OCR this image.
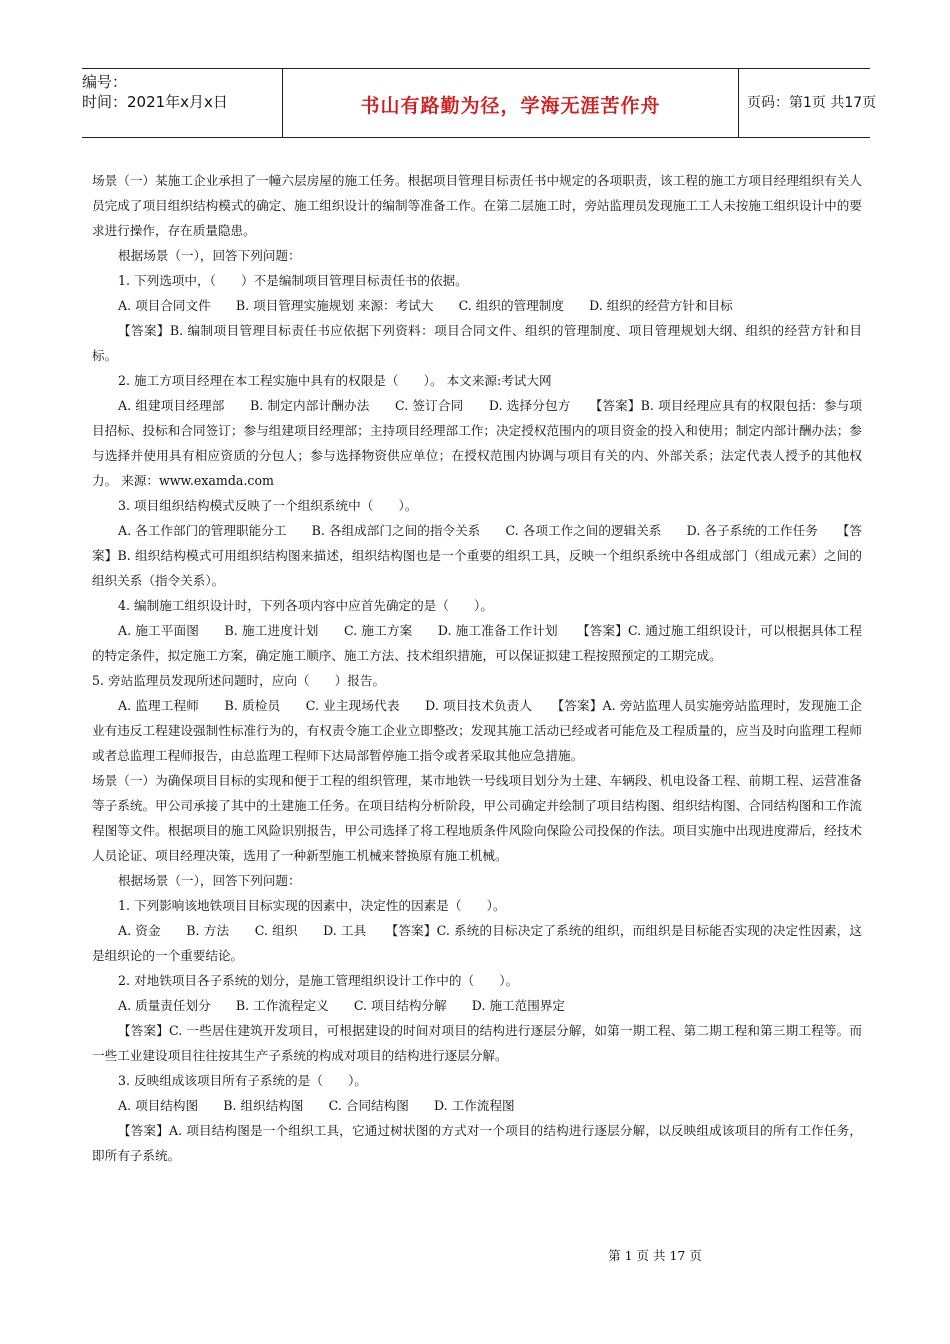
编号：
时间：2021年x月x日	书山有路勤为径，学海无涯苦作舟	页码：第1页 共17页

场景（一）某施工企业承担了一幢六层房屋的施工任务。根据项目管理目标责任书中规定的各项职责，该工程的施工方项目经理组织有关人员完成了项目组织结构模式的确定、施工组织设计的编制等准备工作。在第二层施工时，旁站监理员发现施工工人未按施工组织设计中的要求进行操作，存在质量隐患。

根据场景（一），回答下列问题：

1. 下列选项中，（　　）不是编制项目管理目标责任书的依据。

A. 项目合同文件　　B. 项目管理实施规划 来源：考试大　　C. 组织的管理制度　　D. 组织的经营方针和目标

【答案】B. 编制项目管理目标责任书应依据下列资料：项目合同文件、组织的管理制度、项目管理规划大纲、组织的经营方针和目标。

2. 施工方项目经理在本工程实施中具有的权限是（　　）。 本文来源:考试大网

A. 组建项目经理部　　B. 制定内部计酬办法　　C. 签订合同　　D. 选择分包方　　【答案】B. 项目经理应具有的权限包括：参与项目招标、投标和合同签订；参与组建项目经理部；主持项目经理部工作；决定授权范围内的项目资金的投入和使用；制定内部计酬办法；参与选择并使用具有相应资质的分包人；参与选择物资供应单位；在授权范围内协调与项目有关的内、外部关系；法定代表人授予的其他权力。 来源：www.examda.com

3. 项目组织结构模式反映了一个组织系统中（　　）。

A. 各工作部门的管理职能分工　　B. 各组成部门之间的指令关系　　C. 各项工作之间的逻辑关系　　D. 各子系统的工作任务　　【答案】B. 组织结构模式可用组织结构图来描述，组织结构图也是一个重要的组织工具，反映一个组织系统中各组成部门（组成元素）之间的组织关系（指令关系）。

4. 编制施工组织设计时，下列各项内容中应首先确定的是（　　）。

A. 施工平面图　　B. 施工进度计划　　C. 施工方案　　D. 施工准备工作计划　　【答案】C. 通过施工组织设计，可以根据具体工程的特定条件，拟定施工方案，确定施工顺序、施工方法、技术组织措施，可以保证拟建工程按照预定的工期完成。

5. 旁站监理员发现所述问题时，应向（　　）报告。

A. 监理工程师　　B. 质检员　　C. 业主现场代表　　D. 项目技术负责人　　【答案】A. 旁站监理人员实施旁站监理时，发现施工企业有违反工程建设强制性标准行为的，有权责令施工企业立即整改；发现其施工活动已经或者可能危及工程质量的，应当及时向监理工程师或者总监理工程师报告，由总监理工程师下达局部暂停施工指令或者采取其他应急措施。

场景（一）为确保项目目标的实现和便于工程的组织管理，某市地铁一号线项目划分为土建、车辆段、机电设备工程、前期工程、运营准备等子系统。甲公司承接了其中的土建施工任务。在项目结构分析阶段，甲公司确定并绘制了项目结构图、组织结构图、合同结构图和工作流程图等文件。根据项目的施工风险识别报告，甲公司选择了将工程地质条件风险向保险公司投保的作法。项目实施中出现进度滞后，经技术人员论证、项目经理决策，选用了一种新型施工机械来替换原有施工机械。

根据场景（一），回答下列问题：

1. 下列影响该地铁项目目标实现的因素中，决定性的因素是（　　）。

A. 资金　　B. 方法　　C. 组织　　D. 工具　　【答案】C. 系统的目标决定了系统的组织，而组织是目标能否实现的决定性因素，这是组织论的一个重要结论。

2. 对地铁项目各子系统的划分，是施工管理组织设计工作中的（　　）。

A. 质量责任划分　　B. 工作流程定义　　C. 项目结构分解　　D. 施工范围界定

【答案】C. 一些居住建筑开发项目，可根据建设的时间对项目的结构进行逐层分解，如第一期工程、第二期工程和第三期工程等。而一些工业建设项目往往按其生产子系统的构成对项目的结构进行逐层分解。

3. 反映组成该项目所有子系统的是（　　）。

A. 项目结构图　　B. 组织结构图　　C. 合同结构图　　D. 工作流程图

【答案】A. 项目结构图是一个组织工具，它通过树状图的方式对一个项目的结构进行逐层分解，以反映组成该项目的所有工作任务，即所有子系统。

第 1 页 共 17 页
